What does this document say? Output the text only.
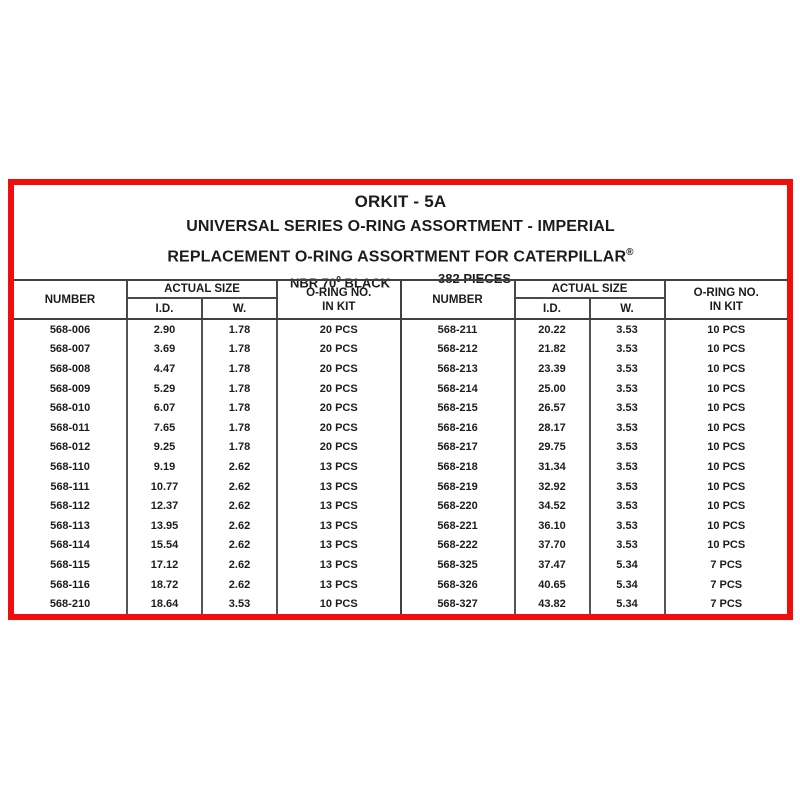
ORKIT - 5A
UNIVERSAL SERIES O-RING ASSORTMENT - IMPERIAL
REPLACEMENT O-RING ASSORTMENT FOR CATERPILLAR®
NBR $70^0$ BLACK	382 PIECES
NUMBER
ACTUAL SIZE	O-RING NO.
IN KIT
I.D.	W.
568-006	2.90	1.78	20 PCS
568-007	3.69	1.78	20 PCS
568-008	4.47	1.78	20 PCS
568-009	5.29	1.78	20 PCS
568-010	6.07	1.78	20 PCS
568-011	7.65	1.78	20 PCS
568-012	9.25	1.78	20 PCS
568-110	9.19	2.62	13 PCS
568-111	10.77	2.62	13 PCS
568-112	12.37	2.62	13 PCS
568-113	13.95	2.62	13 PCS
568-114	15.54	2.62	13 PCS
568-115	17.12	2.62	13 PCS
568-116	18.72	2.62	13 PCS
568-210	18.64	3.53	10 PCS
NUMBER
ACTUAL SIZE	O-RING NO.
IN KIT
I.D.	W.
568-211	20.22	3.53	10 PCS
568-212	21.82	3.53	10 PCS
568-213	23.39	3.53	10 PCS
568-214	25.00	3.53	10 PCS
568-215	26.57	3.53	10 PCS
568-216	28.17	3.53	10 PCS
568-217	29.75	3.53	10 PCS
568-218	31.34	3.53	10 PCS
568-219	32.92	3.53	10 PCS
568-220	34.52	3.53	10 PCS
568-221	36.10	3.53	10 PCS
568-222	37.70	3.53	10 PCS
568-325	37.47	5.34	7 PCS
568-326	40.65	5.34	7 PCS
568-327	43.82	5.34	7 PCS
